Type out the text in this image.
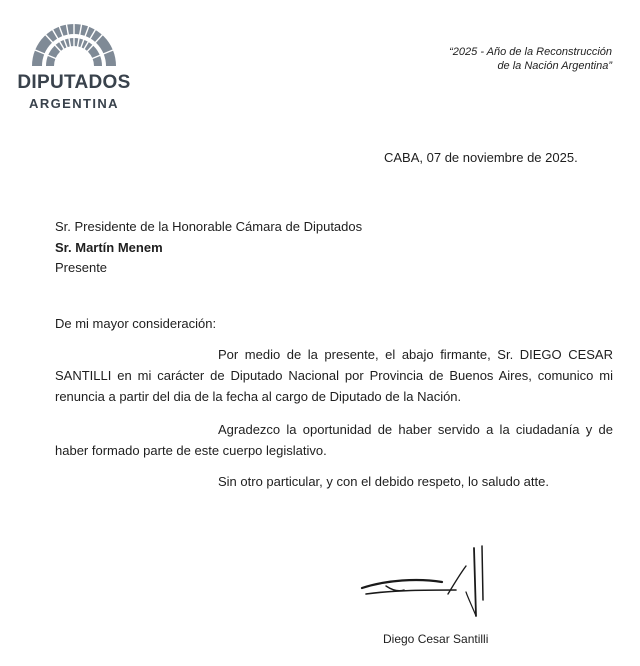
DIPUTADOS
ARGENTINA
“2025 - Año de la Reconstrucción
de la Nación Argentina”
CABA, 07 de noviembre de 2025.
Sr. Presidente de la Honorable Cámara de Diputados
Sr. Martín Menem
Presente
De mi mayor consideración:
Por medio de la presente, el abajo firmante, Sr. DIEGO CESAR SANTILLI en mi carácter de Diputado Nacional por Provincia de Buenos Aires, comunico mi renuncia a partir del dia de la fecha al cargo de Diputado de la Nación.
Agradezco la oportunidad de haber servido a la ciudadanía y de haber formado parte de este cuerpo legislativo.
Sin otro particular, y con el debido respeto, lo saludo atte.
Diego Cesar Santilli
